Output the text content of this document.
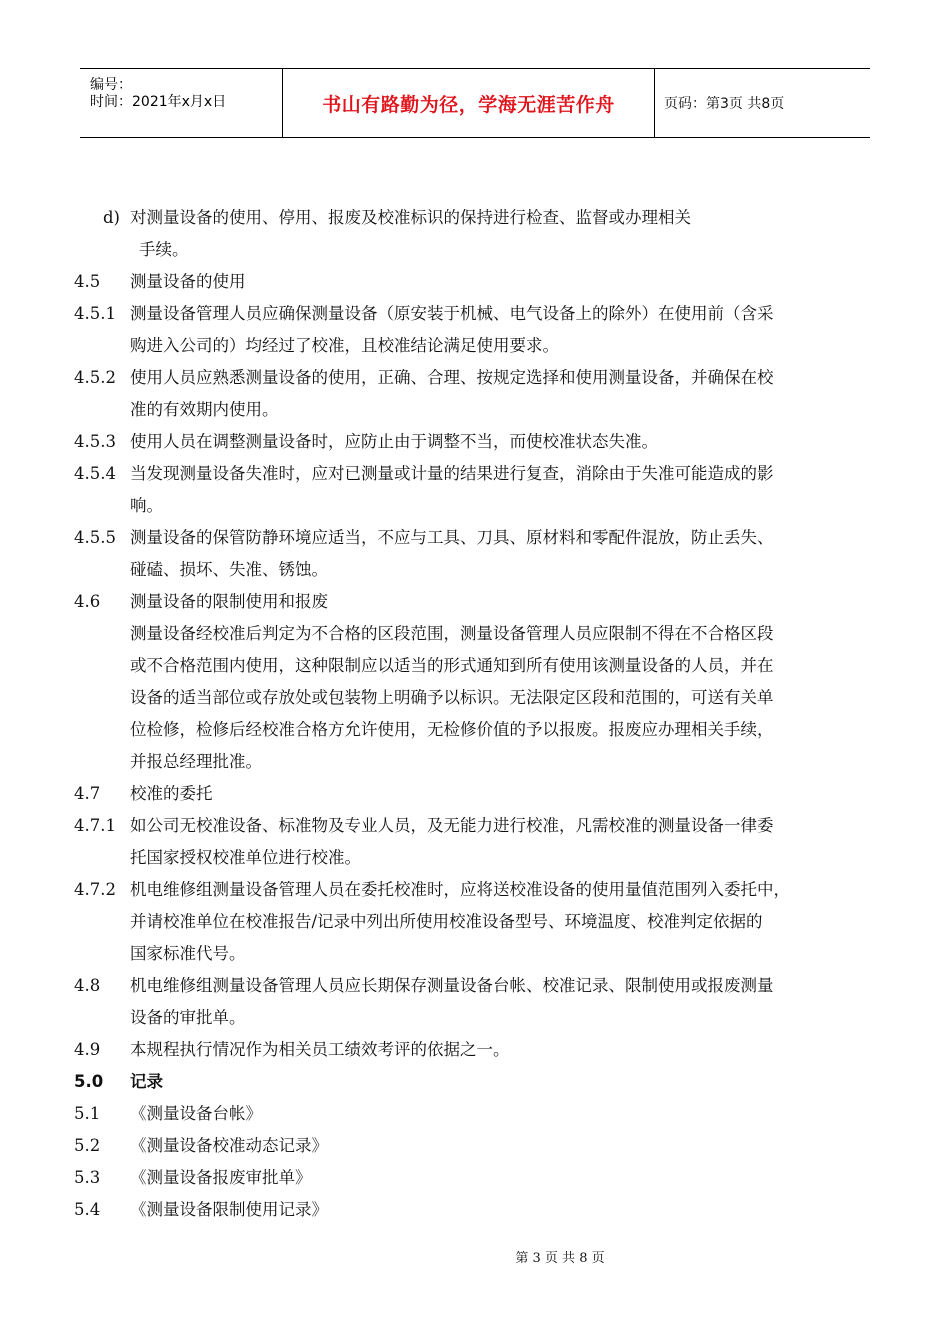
编号：
时间：2021年x月x日	书山有路勤为径，学海无涯苦作舟	页码：第3页 共8页
d) 对测量设备的使用、停用、报废及校准标识的保持进行检查、监督或办理相关
手续。
4.5 测量设备的使用
4.5.1 测量设备管理人员应确保测量设备（原安装于机械、电气设备上的除外）在使用前（含采
购进入公司的）均经过了校准，且校准结论满足使用要求。
4.5.2 使用人员应熟悉测量设备的使用，正确、合理、按规定选择和使用测量设备，并确保在校
准的有效期内使用。
4.5.3 使用人员在调整测量设备时，应防止由于调整不当，而使校准状态失准。
4.5.4 当发现测量设备失准时，应对已测量或计量的结果进行复查，消除由于失准可能造成的影
响。
4.5.5 测量设备的保管防静环境应适当，不应与工具、刀具、原材料和零配件混放，防止丢失、
碰磕、损坏、失准、锈蚀。
4.6 测量设备的限制使用和报废
测量设备经校准后判定为不合格的区段范围，测量设备管理人员应限制不得在不合格区段
或不合格范围内使用，这种限制应以适当的形式通知到所有使用该测量设备的人员，并在
设备的适当部位或存放处或包装物上明确予以标识。无法限定区段和范围的，可送有关单
位检修，检修后经校准合格方允许使用，无检修价值的予以报废。报废应办理相关手续，
并报总经理批准。
4.7 校准的委托
4.7.1 如公司无校准设备、标准物及专业人员，及无能力进行校准，凡需校准的测量设备一律委
托国家授权校准单位进行校准。
4.7.2 机电维修组测量设备管理人员在委托校准时，应将送校准设备的使用量值范围列入委托中，
并请校准单位在校准报告/记录中列出所使用校准设备型号、环境温度、校准判定依据的
国家标准代号。
4.8 机电维修组测量设备管理人员应长期保存测量设备台帐、校准记录、限制使用或报废测量
设备的审批单。
4.9 本规程执行情况作为相关员工绩效考评的依据之一。
5.0 记录
5.1 《测量设备台帐》
5.2 《测量设备校准动态记录》
5.3 《测量设备报废审批单》
5.4 《测量设备限制使用记录》
第 3 页 共 8 页
